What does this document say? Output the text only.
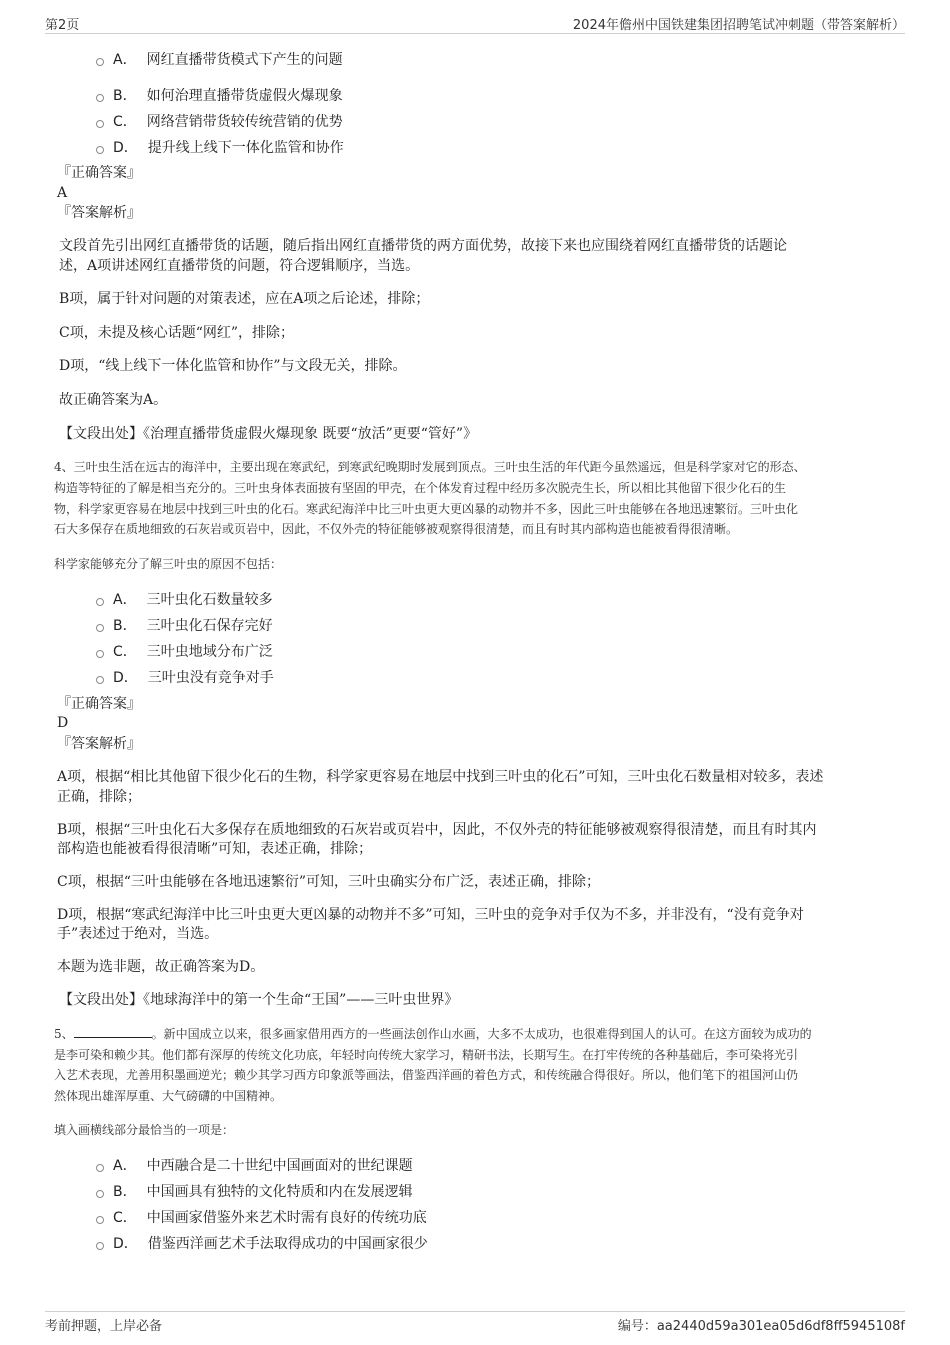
第2页	2024年儋州中国铁建集团招聘笔试冲刺题（带答案解析）
A． 网红直播带货模式下产生的问题
B． 如何治理直播带货虚假火爆现象
C． 网络营销带货较传统营销的优势
D． 提升线上线下一体化监管和协作
『正确答案』
A
『答案解析』
文段首先引出网红直播带货的话题，随后指出网红直播带货的两方面优势，故接下来也应围绕着网红直播带货的话题论
述，A项讲述网红直播带货的问题，符合逻辑顺序，当选。
B项，属于针对问题的对策表述，应在A项之后论述，排除；
C项，未提及核心话题“网红”，排除；
D项，“线上线下一体化监管和协作”与文段无关，排除。
故正确答案为A。
【文段出处】《治理直播带货虚假火爆现象 既要“放活”更要“管好”》
4、三叶虫生活在远古的海洋中，主要出现在寒武纪，到寒武纪晚期时发展到顶点。三叶虫生活的年代距今虽然遥远，但是科学家对它的形态、
构造等特征的了解是相当充分的。三叶虫身体表面披有坚固的甲壳，在个体发育过程中经历多次脱壳生长，所以相比其他留下很少化石的生
物，科学家更容易在地层中找到三叶虫的化石。寒武纪海洋中比三叶虫更大更凶暴的动物并不多，因此三叶虫能够在各地迅速繁衍。三叶虫化
石大多保存在质地细致的石灰岩或页岩中，因此，不仅外壳的特征能够被观察得很清楚，而且有时其内部构造也能被看得很清晰。
科学家能够充分了解三叶虫的原因不包括：
A． 三叶虫化石数量较多
B． 三叶虫化石保存完好
C． 三叶虫地域分布广泛
D． 三叶虫没有竞争对手
『正确答案』
D
『答案解析』
A项，根据“相比其他留下很少化石的生物，科学家更容易在地层中找到三叶虫的化石”可知，三叶虫化石数量相对较多，表述
正确，排除；
B项，根据“三叶虫化石大多保存在质地细致的石灰岩或页岩中，因此，不仅外壳的特征能够被观察得很清楚，而且有时其内
部构造也能被看得很清晰”可知，表述正确，排除；
C项，根据“三叶虫能够在各地迅速繁衍”可知，三叶虫确实分布广泛，表述正确，排除；
D项，根据“寒武纪海洋中比三叶虫更大更凶暴的动物并不多”可知，三叶虫的竞争对手仅为不多，并非没有，“没有竞争对
手”表述过于绝对，当选。
本题为选非题，故正确答案为D。
【文段出处】《地球海洋中的第一个生命“王国”——三叶虫世界》
5、	。新中国成立以来，很多画家借用西方的一些画法创作山水画，大多不太成功，也很难得到国人的认可。在这方面较为成功的
是李可染和赖少其。他们都有深厚的传统文化功底，年轻时向传统大家学习，精研书法，长期写生。在打牢传统的各种基础后，李可染将光引
入艺术表现，尤善用积墨画逆光；赖少其学习西方印象派等画法，借鉴西洋画的着色方式，和传统融合得很好。所以，他们笔下的祖国河山仍
然体现出雄浑厚重、大气磅礴的中国精神。
填入画横线部分最恰当的一项是：
A． 中西融合是二十世纪中国画面对的世纪课题
B． 中国画具有独特的文化特质和内在发展逻辑
C． 中国画家借鉴外来艺术时需有良好的传统功底
D． 借鉴西洋画艺术手法取得成功的中国画家很少
考前押题，上岸必备	编号：aa2440d59a301ea05d6df8ff5945108f
